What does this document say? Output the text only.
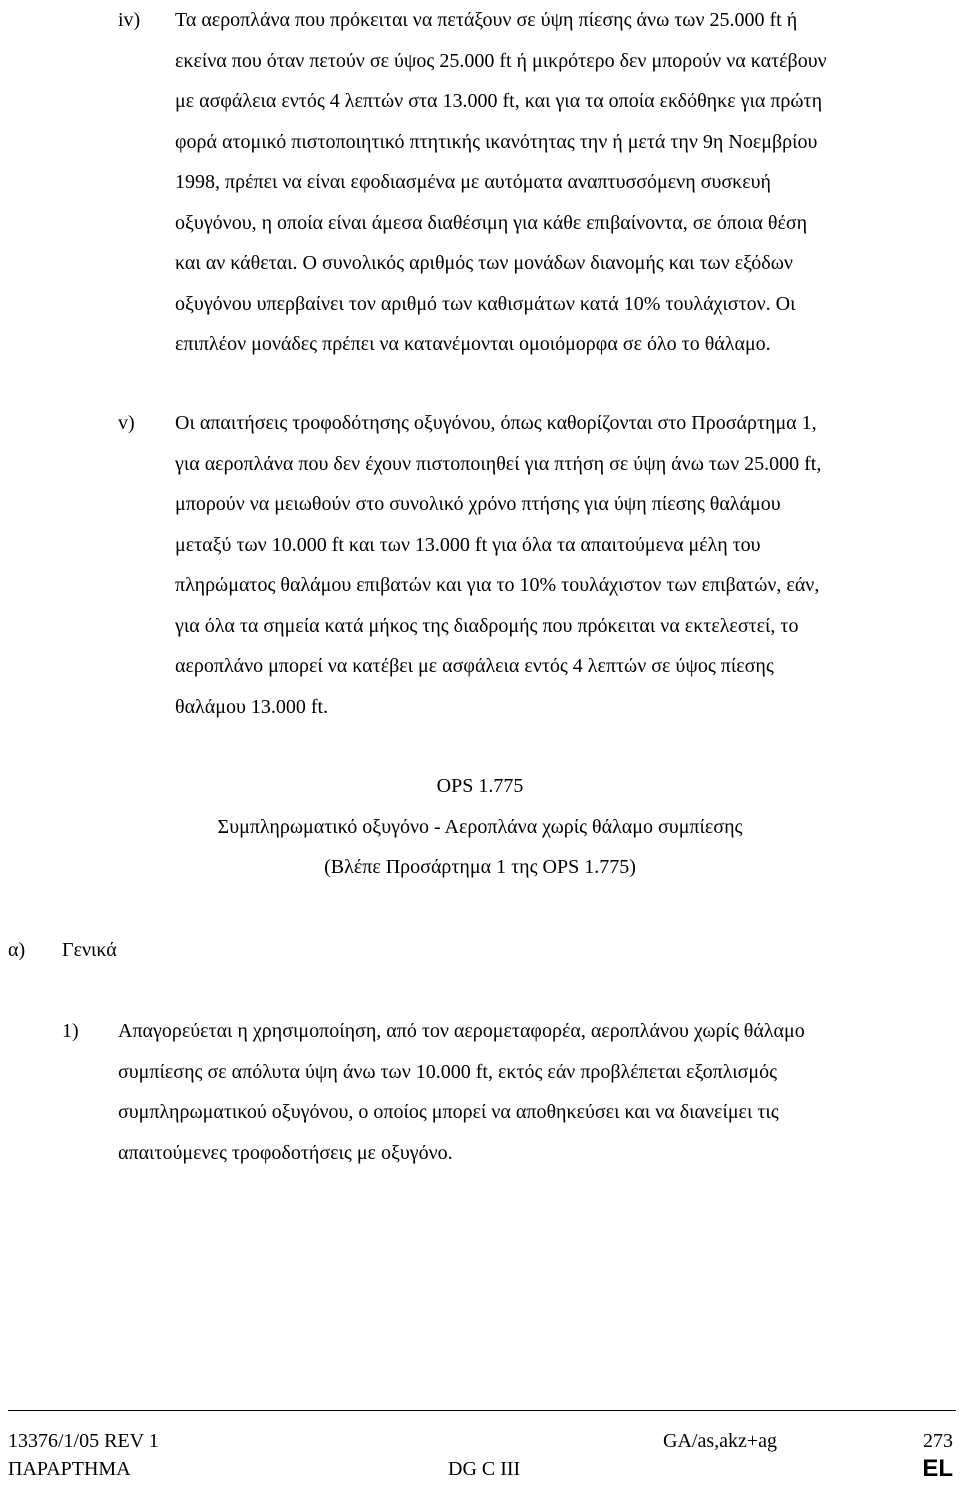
iv) Τα αεροπλάνα που πρόκειται να πετάξουν σε ύψη πίεσης άνω των 25.000 ft ή
εκείνα που όταν πετούν σε ύψος 25.000 ft ή μικρότερο δεν μπορούν να κατέβουν
με ασφάλεια εντός 4 λεπτών στα 13.000 ft, και για τα οποία εκδόθηκε για πρώτη
φορά ατομικό πιστοποιητικό πτητικής ικανότητας την ή μετά την 9η Νοεμβρίου
1998, πρέπει να είναι εφοδιασμένα με αυτόματα αναπτυσσόμενη συσκευή
οξυγόνου, η οποία είναι άμεσα διαθέσιμη για κάθε επιβαίνοντα, σε όποια θέση
και αν κάθεται. Ο συνολικός αριθμός των μονάδων διανομής και των εξόδων
οξυγόνου υπερβαίνει τον αριθμό των καθισμάτων κατά 10% τουλάχιστον. Οι
επιπλέον μονάδες πρέπει να κατανέμονται ομοιόμορφα σε όλο το θάλαμο.
v) Οι απαιτήσεις τροφοδότησης οξυγόνου, όπως καθορίζονται στο Προσάρτημα 1,
για αεροπλάνα που δεν έχουν πιστοποιηθεί για πτήση σε ύψη άνω των 25.000 ft,
μπορούν να μειωθούν στο συνολικό χρόνο πτήσης για ύψη πίεσης θαλάμου
μεταξύ των 10.000 ft και των 13.000 ft για όλα τα απαιτούμενα μέλη του
πληρώματος θαλάμου επιβατών και για το 10% τουλάχιστον των επιβατών, εάν,
για όλα τα σημεία κατά μήκος της διαδρομής που πρόκειται να εκτελεστεί, το
αεροπλάνο μπορεί να κατέβει με ασφάλεια εντός 4 λεπτών σε ύψος πίεσης
θαλάμου 13.000 ft.
OPS 1.775
Συμπληρωματικό οξυγόνο - Αεροπλάνα χωρίς θάλαμο συμπίεσης
(Βλέπε Προσάρτημα 1 της OPS 1.775)
α) Γενικά
1) Απαγορεύεται η χρησιμοποίηση, από τον αερομεταφορέα, αεροπλάνου χωρίς θάλαμο
συμπίεσης σε απόλυτα ύψη άνω των 10.000 ft, εκτός εάν προβλέπεται εξοπλισμός
συμπληρωματικού οξυγόνου, ο οποίος μπορεί να αποθηκεύσει και να διανείμει τις
απαιτούμενες τροφοδοτήσεις με οξυγόνο.
13376/1/05 REV 1	GA/as,akz+ag	273
ΠΑΡΑΡΤΗΜΑ	DG C III	EL
